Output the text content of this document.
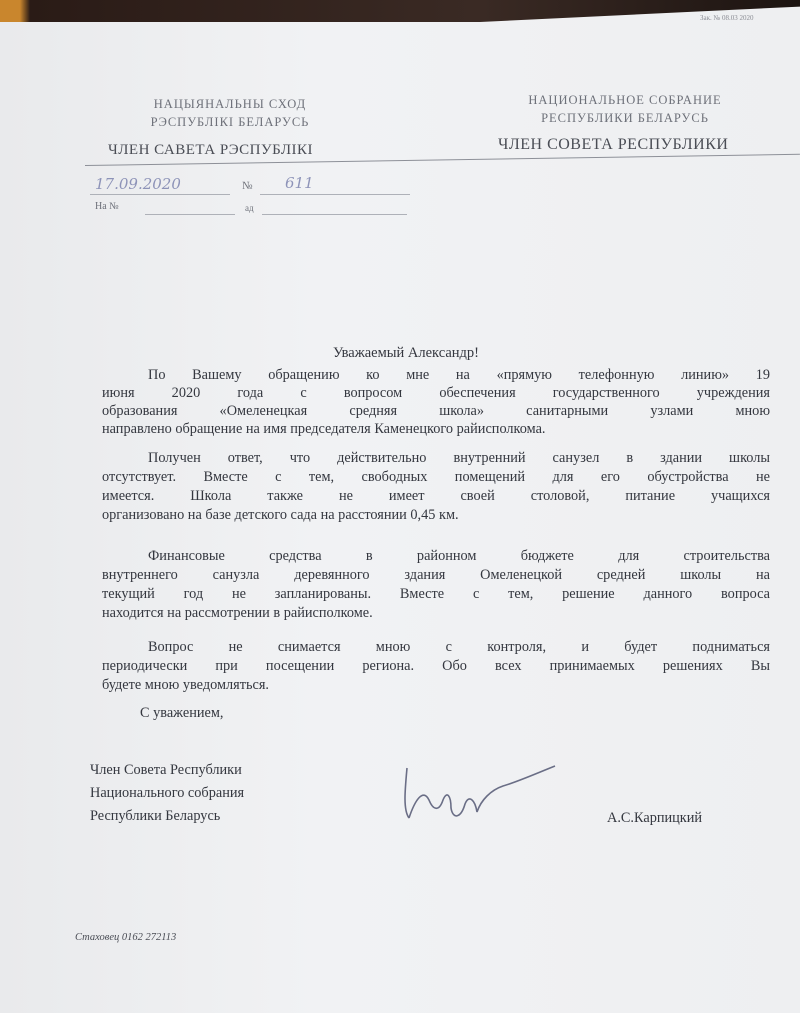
Зак. № 08.03 2020
НАЦЫЯНАЛЬНЫ СХОД
РЭСПУБЛІКІ БЕЛАРУСЬ
ЧЛЕН САВЕТА РЭСПУБЛІКІ
НАЦИОНАЛЬНОЕ СОБРАНИЕ
РЕСПУБЛИКИ БЕЛАРУСЬ
ЧЛЕН СОВЕТА РЕСПУБЛИКИ
17.09.2020	№ 611
На №	ад
Уважаемый Александр!
По Вашему обращению ко мне на «прямую телефонную линию» 19
июня 2020 года с вопросом обеспечения государственного учреждения
образования «Омеленецкая средняя школа» санитарными узлами мною
направлено обращение на имя председателя Каменецкого райисполкома.
Получен ответ, что действительно внутренний санузел в здании школы
отсутствует. Вместе с тем, свободных помещений для его обустройства не
имеется. Школа также не имеет своей столовой, питание учащихся
организовано на базе детского сада на расстоянии 0,45 км.
Финансовые средства в районном бюджете для строительства
внутреннего санузла деревянного здания Омеленецкой средней школы на
текущий год не запланированы. Вместе с тем, решение данного вопроса
находится на рассмотрении в райисполкоме.
Вопрос не снимается мною с контроля, и будет подниматься
периодически при посещении региона. Обо всех принимаемых решениях Вы
будете мною уведомляться.
С уважением,
Член Совета Республики
Национального собрания
Республики Беларусь	А.С.Карпицкий
Стаховец 0162 272113
